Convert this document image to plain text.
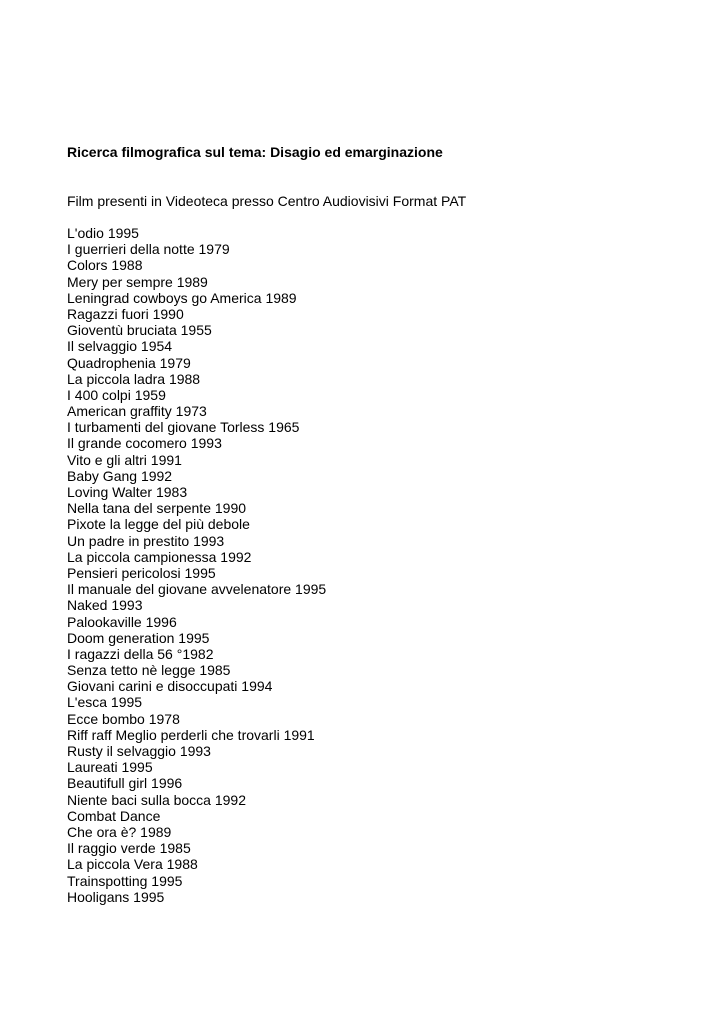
Ricerca filmografica sul tema: Disagio ed emarginazione
Film presenti in Videoteca presso Centro Audiovisivi Format PAT
L'odio 1995
I guerrieri della notte 1979
Colors 1988
Mery per sempre 1989
Leningrad cowboys go America 1989
Ragazzi fuori 1990
Gioventù bruciata 1955
Il selvaggio 1954
Quadrophenia 1979
La piccola ladra 1988
I 400 colpi 1959
American graffity 1973
I turbamenti del giovane Torless 1965
Il grande cocomero 1993
Vito e gli altri 1991
Baby Gang 1992
Loving Walter 1983
Nella tana del serpente 1990
Pixote la legge del più debole
Un padre in prestito 1993
La piccola campionessa 1992
Pensieri pericolosi 1995
Il manuale del giovane avvelenatore 1995
Naked 1993
Palookaville 1996
Doom generation 1995
I ragazzi della 56 °1982
Senza tetto nè legge 1985
Giovani carini e disoccupati 1994
L'esca 1995
Ecce bombo 1978
Riff raff Meglio perderli che trovarli 1991
Rusty il selvaggio 1993
Laureati 1995
Beautifull girl 1996
Niente baci sulla bocca 1992
Combat Dance
Che ora è? 1989
Il raggio verde 1985
La piccola Vera 1988
Trainspotting 1995
Hooligans 1995
